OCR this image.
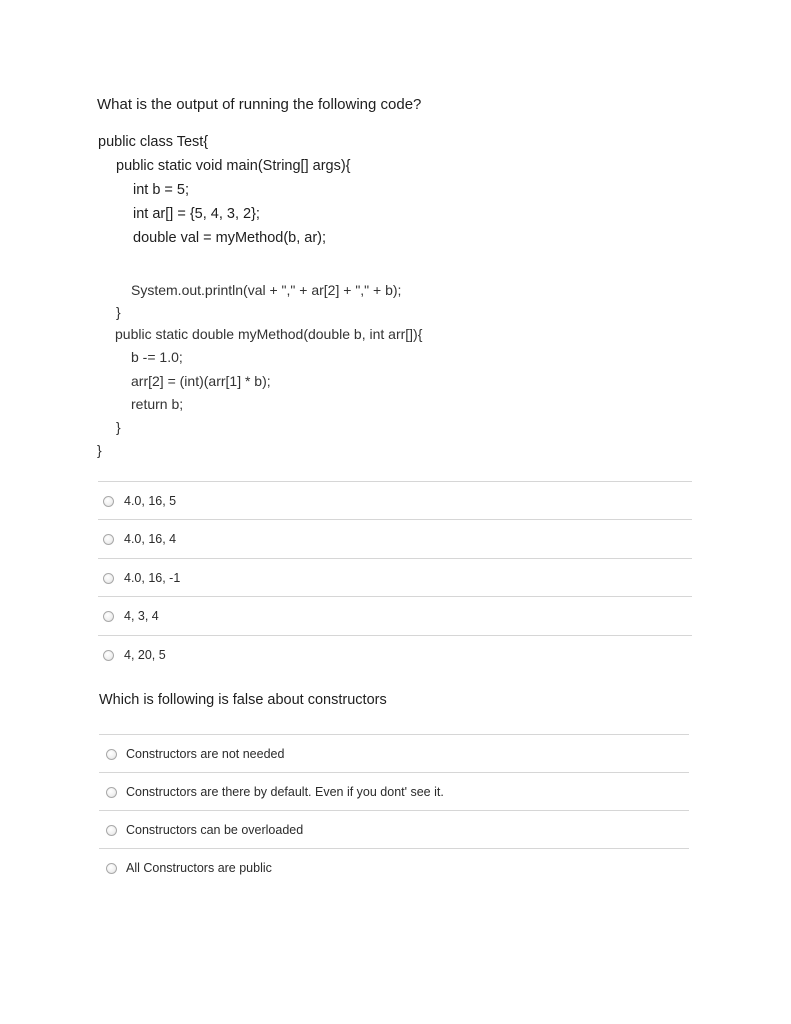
What is the output of running the following code?
public class Test{
public static void main(String[] args){
int b = 5;
int ar[] = {5, 4, 3, 2};
double val = myMethod(b, ar);
System.out.println(val + "," + ar[2] + "," + b);
}
public static double myMethod(double b, int arr[]){
b -= 1.0;
arr[2] = (int)(arr[1] * b);
return b;
}
}
4.0, 16, 5
4.0, 16, 4
4.0, 16, -1
4, 3, 4
4, 20, 5
Which is following is false about constructors
Constructors are not needed
Constructors are there by default. Even if you dont' see it.
Constructors can be overloaded
All Constructors are public
